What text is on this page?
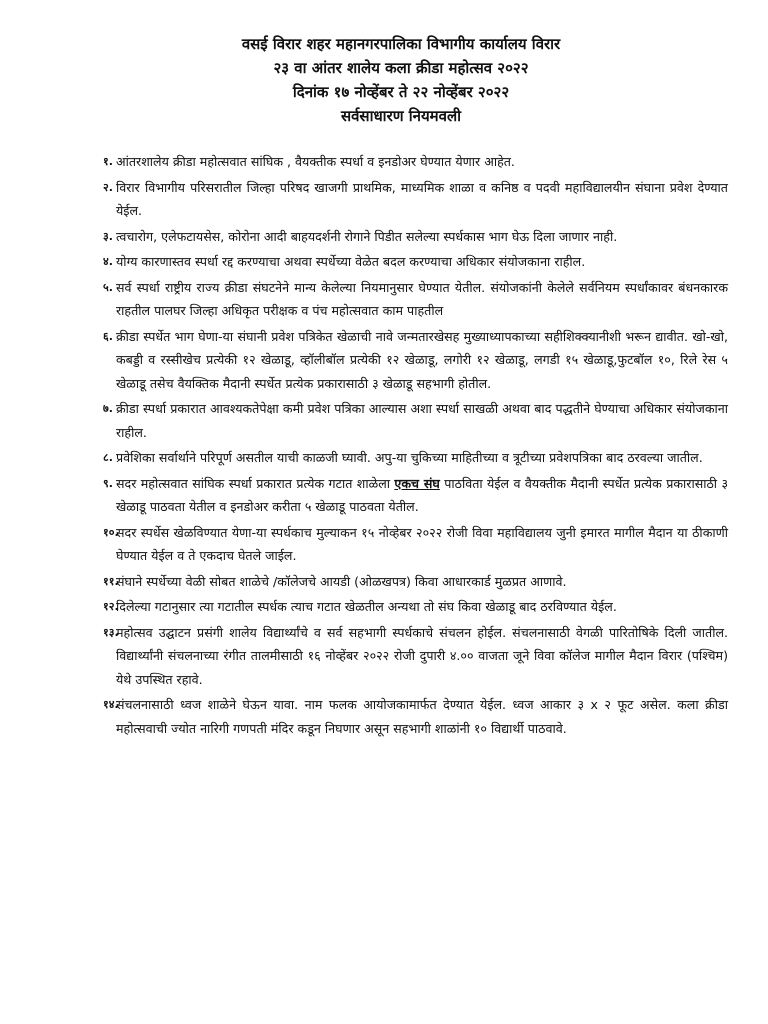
वसई विरार शहर महानगरपालिका विभागीय कार्यालय विरार
२३ वा आंतर शालेय कला क्रीडा महोत्सव २०२२
दिनांक १७ नोव्हेंबर ते २२ नोव्हेंबर २०२२
सर्वसाधारण नियमवली
१. आंतरशालेय क्रीडा महोत्सवात सांघिक , वैयक्तीक स्पर्धा व इनडोअर घेण्यात येणार आहेत.
२. विरार विभागीय परिसरातील जिल्हा परिषद खाजगी प्राथमिक, माध्यमिक शाळा व कनिष्ठ व पदवी महाविद्यालयीन संघाना प्रवेश देण्यात येईल.
३. त्वचारोग, एलेफटायसेस, कोरोना आदी बाहयदर्शनी रोगाने पिडीत सलेल्या स्पर्धकास भाग घेऊ दिला जाणार नाही.
४. योग्य कारणास्तव स्पर्धा रद्द करण्याचा अथवा स्पर्धेच्या वेळेत बदल करण्याचा अधिकार संयोजकाना राहील.
५. सर्व स्पर्धा राष्ट्रीय राज्य क्रीडा संघटनेने मान्य केलेल्या नियमानुसार घेण्यात येतील. संयोजकांनी केलेले सर्वनियम स्पर्धांकावर बंधनकारक राहतील पालघर जिल्हा अधिकृत परीक्षक व पंच महोत्सवात काम पाहतील
६. क्रीडा स्पर्धेत भाग घेणा-या संघानी प्रवेश पत्रिकेत खेळाची नावे जन्मतारखेसह मुख्याध्यापकाच्या सहीशिक्क्यानीशी भरून द्यावीत. खो-खो, कबड्डी व रस्सीखेच प्रत्येकी १२ खेळाडू, व्हॉलीबॉल प्रत्येकी १२ खेळाडू, लगोरी १२ खेळाडू, लगडी १५ खेळाडू,फुटबॉल १०, रिले रेस ५ खेळाडू तसेच वैयक्तिक मैदानी स्पर्धेत प्रत्येक प्रकारासाठी ३ खेळाडू सहभागी होतील.
७. क्रीडा स्पर्धा प्रकारात आवश्यकतेपेक्षा कमी प्रवेश पत्रिका आल्यास अशा स्पर्धा साखळी अथवा बाद पद्धतीने घेण्याचा अधिकार संयोजकाना राहील.
८. प्रवेशिका सर्वार्थाने परिपूर्ण असतील याची काळजी घ्यावी. अपु-या चुकिच्या माहितीच्या व त्रूटीच्या प्रवेशपत्रिका बाद ठरवल्या जातील.
९. सदर महोत्सवात सांघिक स्पर्धा प्रकारात प्रत्येक गटात शाळेला एकच संघ पाठविता येईल व वैयक्तीक मैदानी स्पर्धेत प्रत्येक प्रकारासाठी ३ खेळाडू पाठवता येतील व इनडोअर करीता ५ खेळाडू पाठवता येतील.
१०.
सदर स्पर्धेस खेळविण्यात येणा-या स्पर्धकाच मुल्याकन १५ नोव्हेबर २०२२ रोजी विवा महाविद्यालय जुनी इमारत मागील मैदान या ठीकाणी घेण्यात येईल व ते एकदाच घेतले जाईल.
११.
संघाने स्पर्धेच्या वेळी सोबत शाळेचे /कॉलेजचे आयडी (ओळखपत्र) किवा आधारकार्ड मुळप्रत आणावे.
१२.
दिलेल्या गटानुसार त्या गटातील स्पर्धक त्याच गटात खेळतील अन्यथा तो संघ किवा खेळाडू बाद ठरविण्यात येईल.
१३.
महोत्सव उद्घाटन प्रसंगी शालेय विद्यार्थ्यांचे व सर्व सहभागी स्पर्धकाचे संचलन होईल. संचलनासाठी वेगळी पारितोषिके दिली जातील. विद्यार्थ्यांनी संचलनाच्या रंगीत तालमीसाठी १६ नोव्हेंबर २०२२ रोजी दुपारी ४.०० वाजता जूने विवा कॉलेज मागील मैदान विरार (पश्चिम) येथे उपस्थित रहावे.
१४.
संचलनासाठी ध्वज शाळेने घेऊन यावा. नाम फलक आयोजकामार्फत देण्यात येईल. ध्वज आकार ३ x २ फूट असेल. कला क्रीडा महोत्सवाची ज्योत नारिगी गणपती मंदिर कडून निघणार असून सहभागी शाळांनी १० विद्यार्थी पाठवावे.
